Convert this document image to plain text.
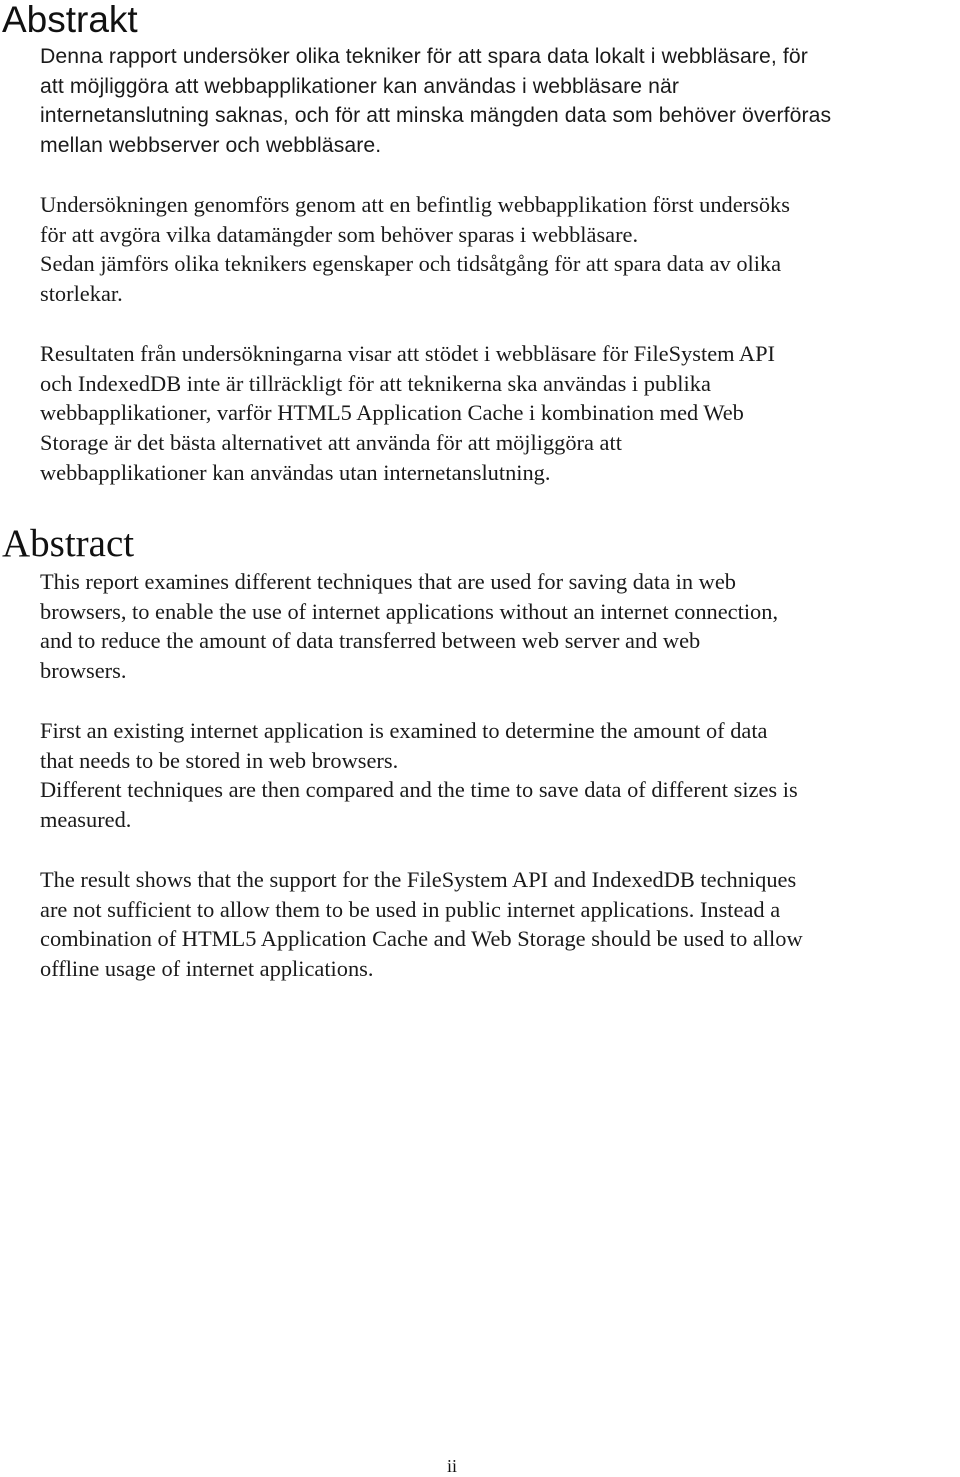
Abstrakt

Denna rapport undersöker olika tekniker för att spara data lokalt i webbläsare, för
att möjliggöra att webbapplikationer kan användas i webbläsare när
internetanslutning saknas, och för att minska mängden data som behöver överföras
mellan webbserver och webbläsare.

Undersökningen genomförs genom att en befintlig webbapplikation först undersöks
för att avgöra vilka datamängder som behöver sparas i webbläsare.
Sedan jämförs olika teknikers egenskaper och tidsåtgång för att spara data av olika
storlekar.

Resultaten från undersökningarna visar att stödet i webbläsare för FileSystem API
och IndexedDB inte är tillräckligt för att teknikerna ska användas i publika
webbapplikationer, varför HTML5 Application Cache i kombination med Web
Storage är det bästa alternativet att använda för att möjliggöra att
webbapplikationer kan användas utan internetanslutning.

Abstract

This report examines different techniques that are used for saving data in web
browsers, to enable the use of internet applications without an internet connection,
and to reduce the amount of data transferred between web server and web
browsers.

First an existing internet application is examined to determine the amount of data
that needs to be stored in web browsers.
Different techniques are then compared and the time to save data of different sizes is
measured.

The result shows that the support for the FileSystem API and IndexedDB techniques
are not sufficient to allow them to be used in public internet applications. Instead a
combination of HTML5 Application Cache and Web Storage should be used to allow
offline usage of internet applications.

ii
